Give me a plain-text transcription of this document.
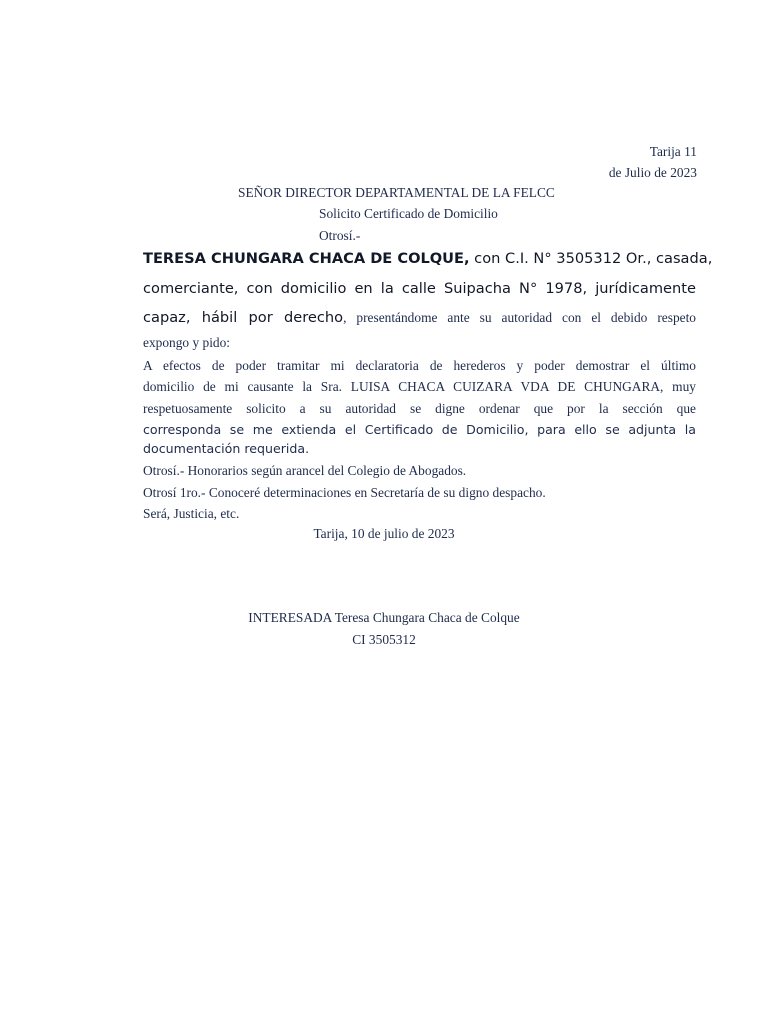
Tarija 11
de Julio de 2023
SEÑOR DIRECTOR DEPARTAMENTAL DE LA FELCC
Solicito Certificado de Domicilio
Otrosí.-
TERESA CHUNGARA CHACA DE COLQUE, con C.I. N° 3505312 Or., casada,
comerciante, con domicilio en la calle Suipacha N° 1978, jurídicamente
capaz, hábil por derecho, presentándome ante su autoridad con el debido respeto
expongo y pido:
A efectos de poder tramitar mi declaratoria de herederos y poder demostrar el último
domicilio de mi causante la Sra. LUISA CHACA CUIZARA VDA DE CHUNGARA, muy
respetuosamente solicito a su autoridad se digne ordenar que por la sección que
corresponda se me extienda el Certificado de Domicilio, para ello se adjunta la
documentación requerida.
Otrosí.- Honorarios según arancel del Colegio de Abogados.
Otrosí 1ro.- Conoceré determinaciones en Secretaría de su digno despacho.
Será, Justicia, etc.
Tarija, 10 de julio de 2023
INTERESADA Teresa Chungara Chaca de Colque
CI 3505312
